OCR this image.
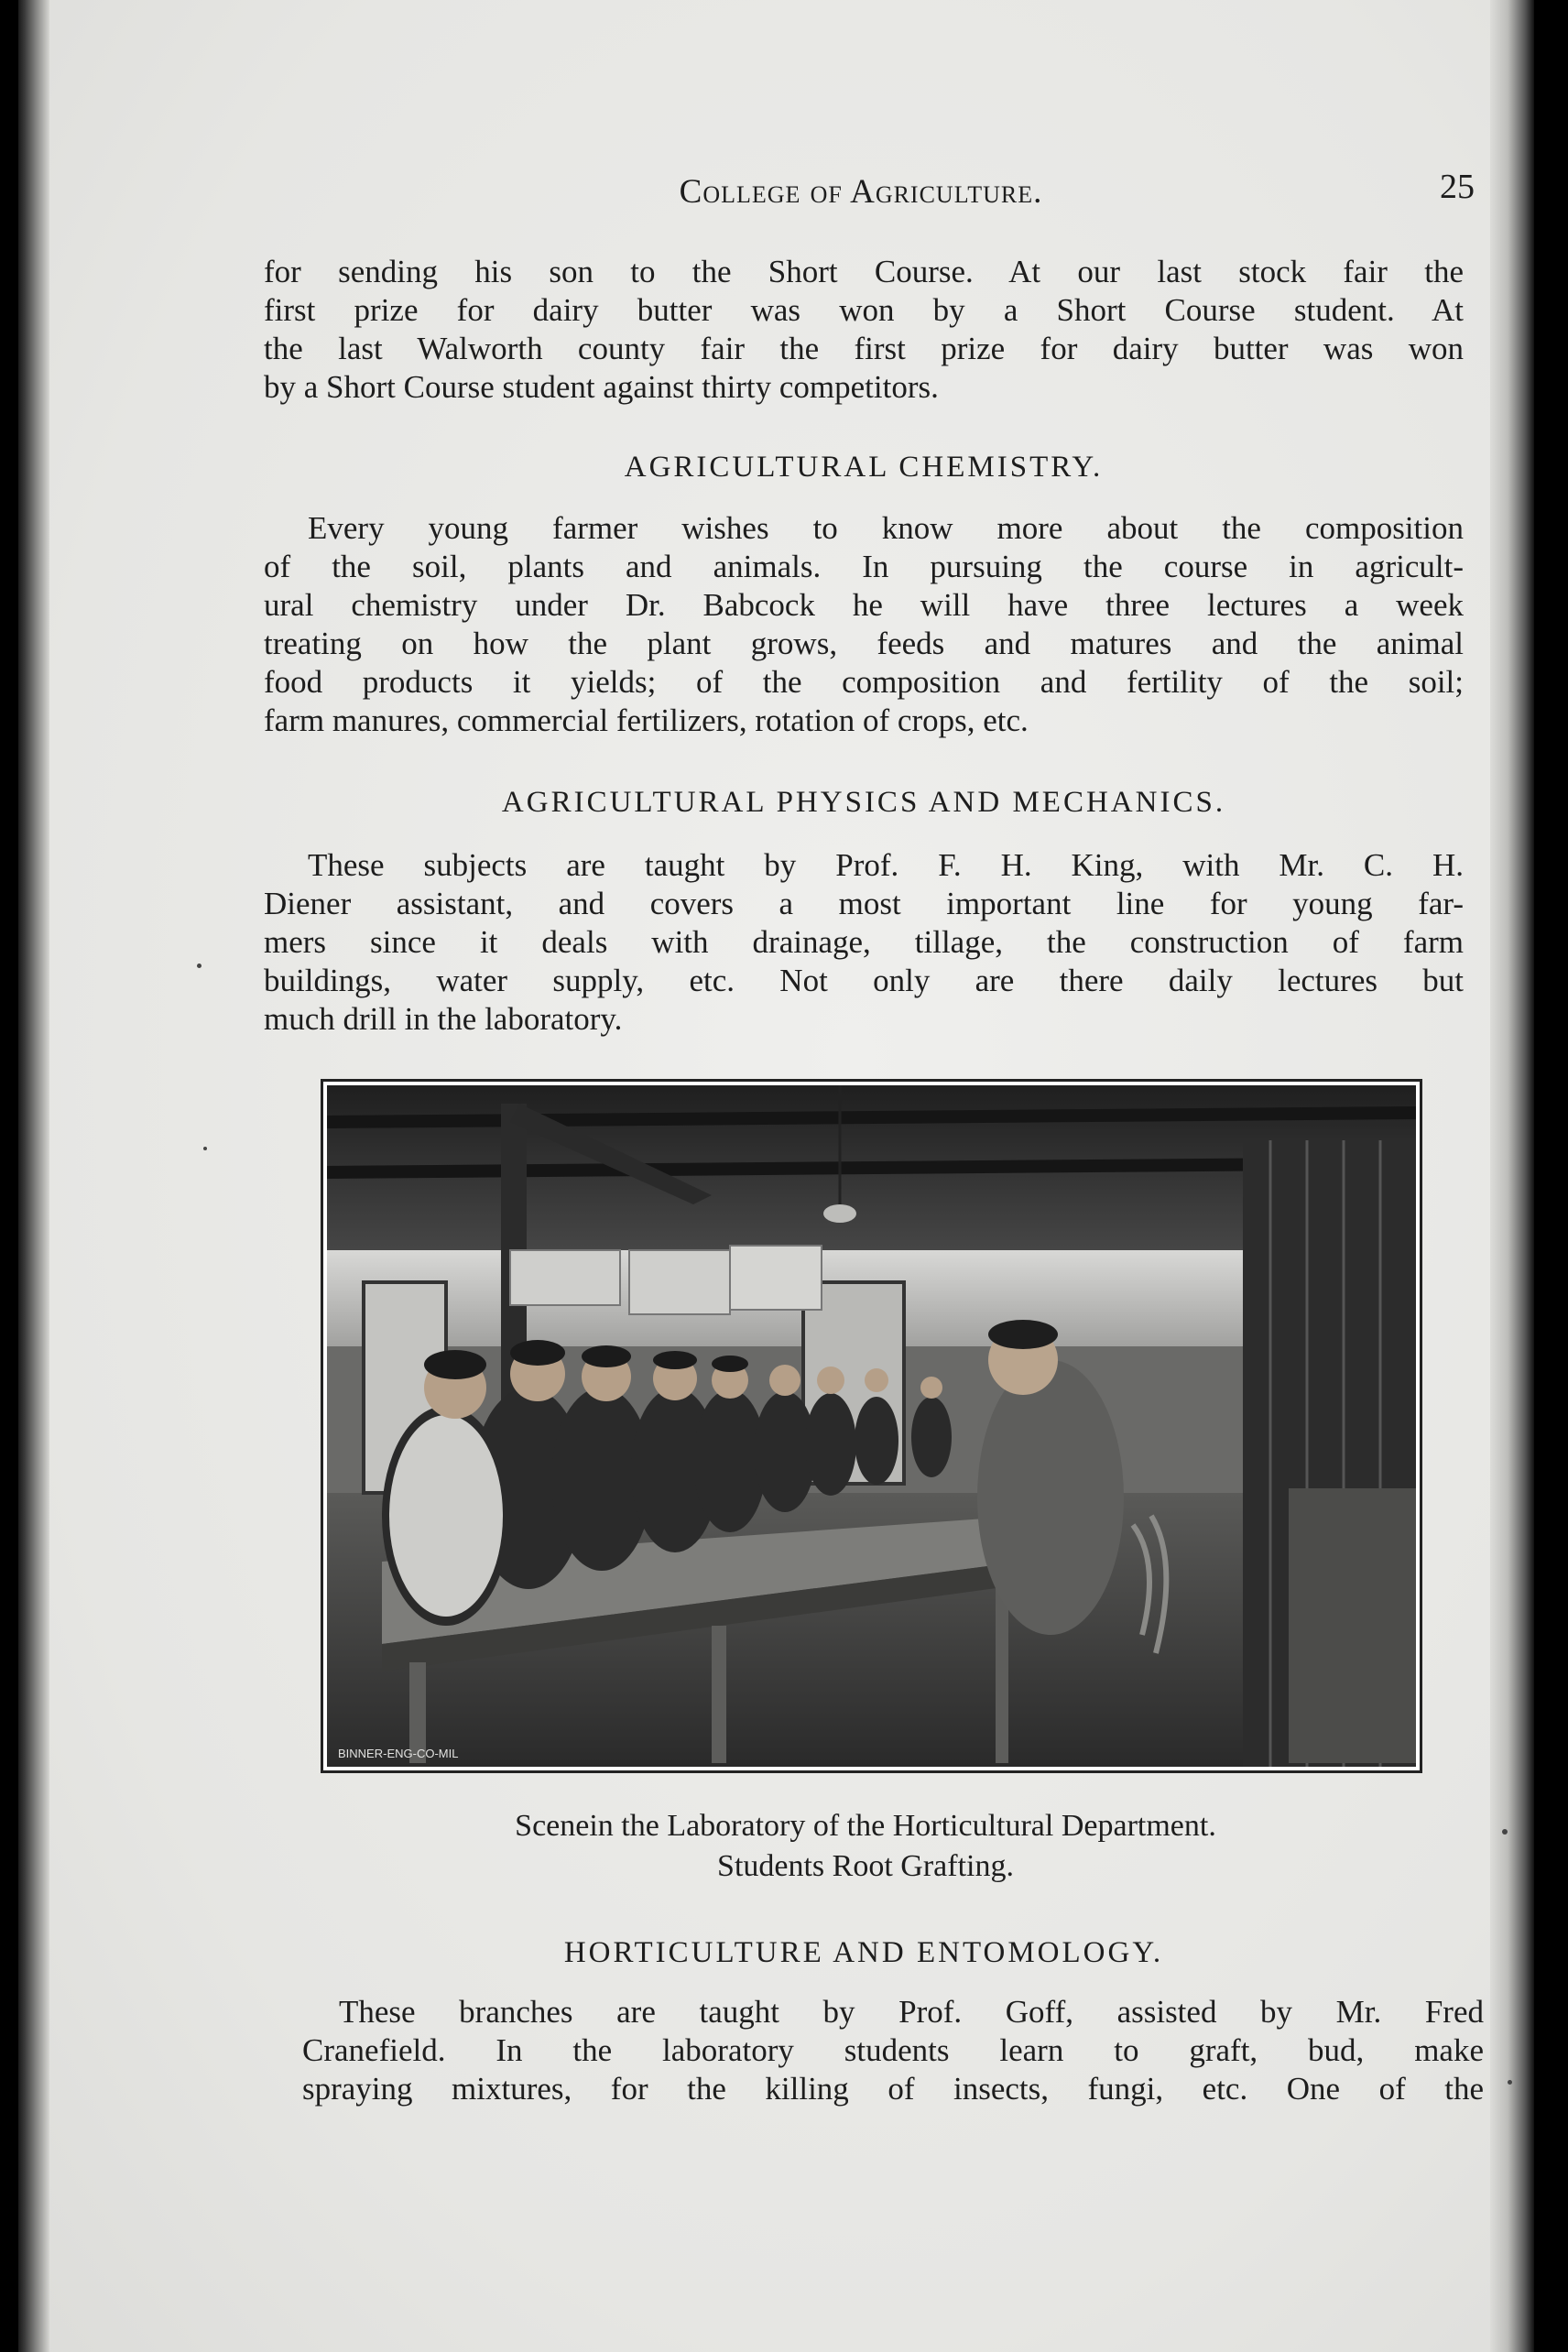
College of Agriculture.	25
for sending his son to the Short Course. At our last stock fair the
first prize for dairy butter was won by a Short Course student. At
the last Walworth county fair the first prize for dairy butter was won
by a Short Course student against thirty competitors.
AGRICULTURAL CHEMISTRY.
Every young farmer wishes to know more about the composition
of the soil, plants and animals. In pursuing the course in agricult-
ural chemistry under Dr. Babcock he will have three lectures a week
treating on how the plant grows, feeds and matures and the animal
food products it yields; of the composition and fertility of the soil;
farm manures, commercial fertilizers, rotation of crops, etc.
AGRICULTURAL PHYSICS AND MECHANICS.
These subjects are taught by Prof. F. H. King, with Mr. C. H.
Diener assistant, and covers a most important line for young far-
mers since it deals with drainage, tillage, the construction of farm
buildings, water supply, etc. Not only are there daily lectures but
much drill in the laboratory.
BINNER-ENG-CO-MIL
Scenein the Laboratory of the Horticultural Department.
Students Root Grafting.
HORTICULTURE AND ENTOMOLOGY.
These branches are taught by Prof. Goff, assisted by Mr. Fred
Cranefield. In the laboratory students learn to graft, bud, make
spraying mixtures, for the killing of insects, fungi, etc. One of the
